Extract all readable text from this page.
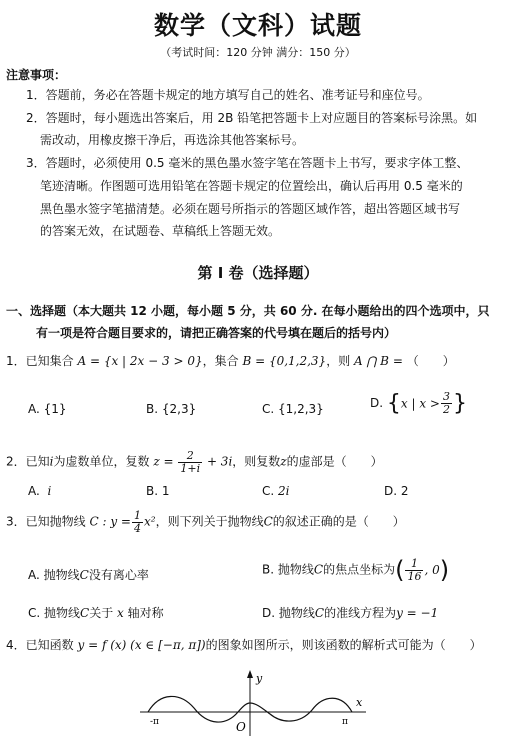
数学（文科）试题
（考试时间：120 分钟 满分：150 分）
注意事项：
1．答题前，务必在答题卡规定的地方填写自己的姓名、准考证号和座位号。
2．答题时，每小题选出答案后，用 2B 铅笔把答题卡上对应题目的答案标号涂黑。如
需改动，用橡皮擦干净后，再选涂其他答案标号。
3．答题时，必须使用 0.5 毫米的黑色墨水签字笔在答题卡上书写，要求字体工整、
笔迹清晰。作图题可选用铅笔在答题卡规定的位置绘出，确认后再用 0.5 毫米的
黑色墨水签字笔描清楚。必须在题号所指示的答题区域作答，超出答题区域书写
的答案无效，在试题卷、草稿纸上答题无效。
第 Ⅰ 卷（选择题）
一、选择题（本大题共 12 小题，每小题 5 分，共 60 分. 在每小题给出的四个选项中，只
有一项是符合题目要求的，请把正确答案的代号填在题后的括号内）
1．已知集合 A = {x | 2x − 3 > 0}，集合 B = {0,1,2,3}，则 A ⋂ B = （　　）
A. {1}	B. {2,3}	C. {1,2,3}	D. {x | $x > \frac{3}{2}$ }
2．已知i为虚数单位，复数 $z = \frac{2}{1+i} + 3i$，则复数z的虚部是（　　）
A. i	B. 1	C. 2i	D. 2
3．已知抛物线 C : $y = \frac{1}{4} x^2$，则下列关于抛物线C的叙述正确的是（　　）
A. 抛物线C没有离心率	B. 抛物线C的焦点坐标为( $\frac{1}{16}$ , 0)
C. 抛物线C关于 x 轴对称	D. 抛物线C的准线方程为y = −1
4．已知函数 y = f (x) (x ∈ [−π, π])的图象如图所示，则该函数的解析式可能为（　　）
y
x
O
-π	π
